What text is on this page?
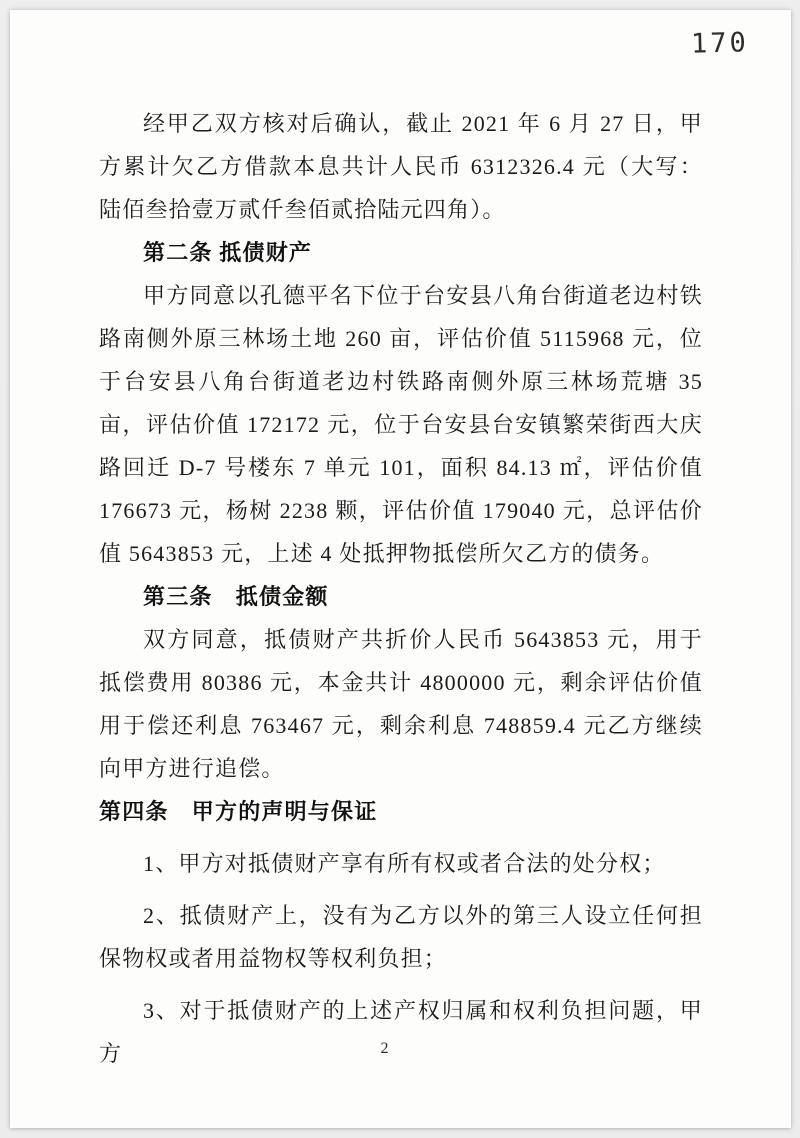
170

经甲乙双方核对后确认，截止 2021 年 6 月 27 日，甲方累计欠乙方借款本息共计人民币 6312326.4 元（大写：陆佰叁拾壹万贰仟叁佰贰拾陆元四角）。

第二条 抵债财产

甲方同意以孔德平名下位于台安县八角台街道老边村铁路南侧外原三林场土地 260 亩，评估价值 5115968 元，位于台安县八角台街道老边村铁路南侧外原三林场荒塘 35 亩，评估价值 172172 元，位于台安县台安镇繁荣街西大庆路回迁 D-7 号楼东 7 单元 101，面积 84.13 ㎡，评估价值 176673 元，杨树 2238 颗，评估价值 179040 元，总评估价值 5643853 元，上述 4 处抵押物抵偿所欠乙方的债务。

第三条　抵债金额

双方同意，抵债财产共折价人民币 5643853 元，用于抵偿费用 80386 元，本金共计 4800000 元，剩余评估价值用于偿还利息 763467 元，剩余利息 748859.4 元乙方继续向甲方进行追偿。

第四条　甲方的声明与保证

1、甲方对抵债财产享有所有权或者合法的处分权；

2、抵债财产上，没有为乙方以外的第三人设立任何担保物权或者用益物权等权利负担；

3、对于抵债财产的上述产权归属和权利负担问题，甲方	2
